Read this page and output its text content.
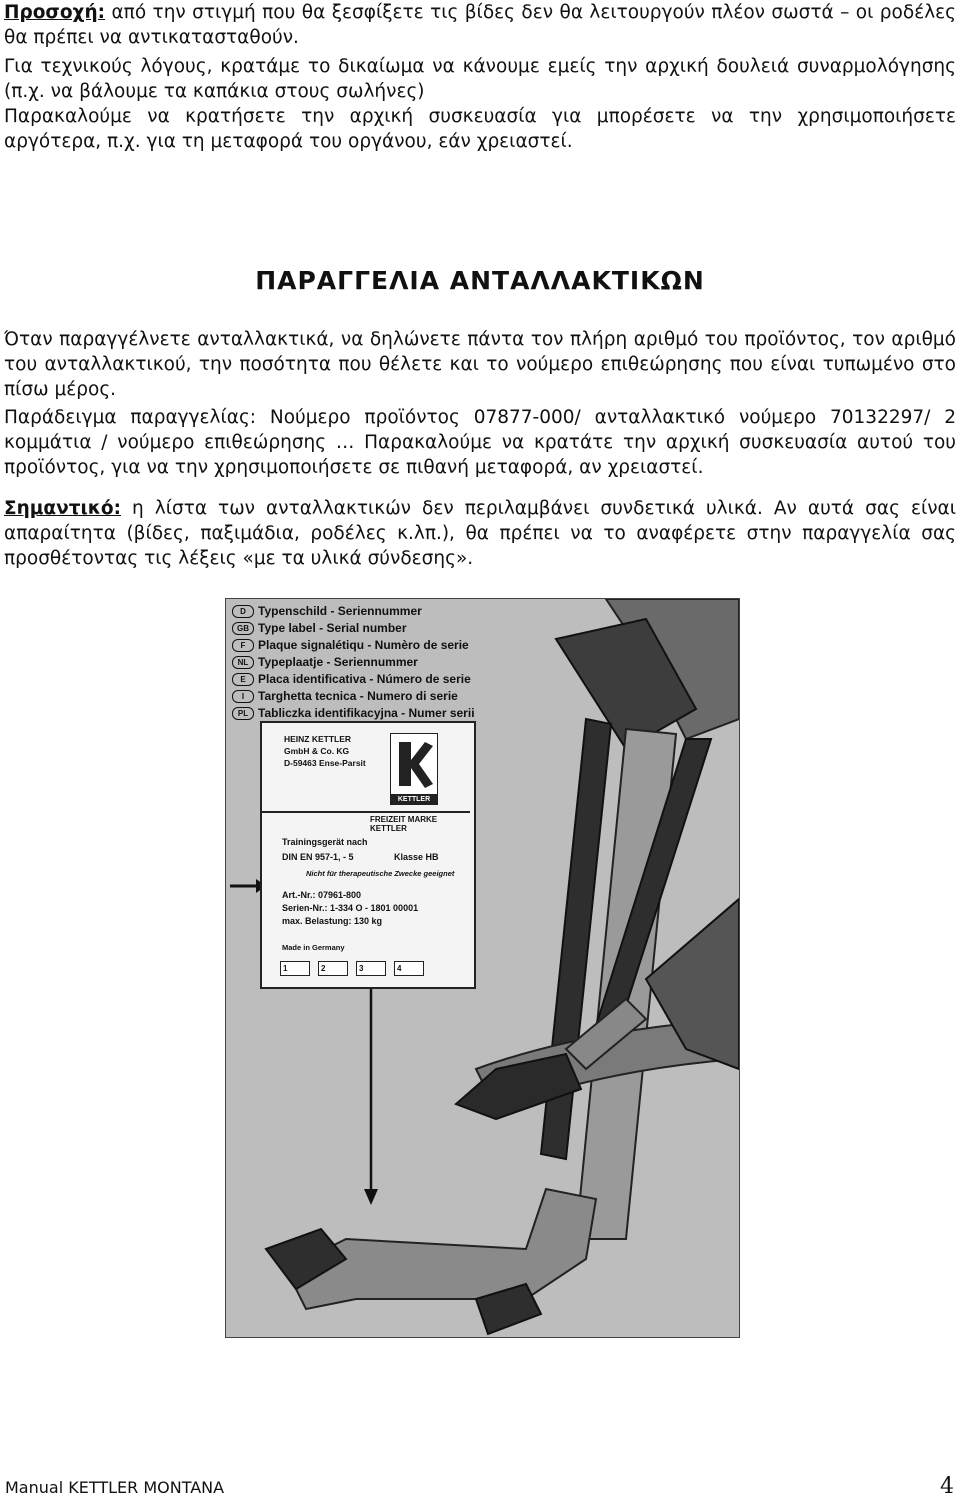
Προσοχή: από την στιγμή που θα ξεσφίξετε τις βίδες δεν θα λειτουργούν πλέον σωστά – οι ροδέλες θα πρέπει να αντικατασταθούν.
Για τεχνικούς λόγους, κρατάμε το δικαίωμα να κάνουμε εμείς την αρχική δουλειά συναρμολόγησης (π.χ. να βάλουμε τα καπάκια στους σωλήνες)
Παρακαλούμε να κρατήσετε την αρχική συσκευασία για μπορέσετε να την χρησιμοποιήσετε αργότερα, π.χ. για τη μεταφορά του οργάνου, εάν χρειαστεί.
ΠΑΡΑΓΓΕΛΙΑ ΑΝΤΑΛΛΑΚΤΙΚΩΝ
Όταν παραγγέλνετε ανταλλακτικά, να δηλώνετε πάντα τον πλήρη αριθμό του προϊόντος, τον αριθμό του ανταλλακτικού, την ποσότητα που θέλετε και το νούμερο επιθεώρησης που είναι τυπωμένο στο πίσω μέρος.
Παράδειγμα παραγγελίας: Νούμερο προϊόντος 07877-000/ ανταλλακτικό νούμερο 70132297/ 2 κομμάτια / νούμερο επιθεώρησης … Παρακαλούμε να κρατάτε την αρχική συσκευασία αυτού του προϊόντος, για να την χρησιμοποιήσετε σε πιθανή μεταφορά, αν χρειαστεί.
Σημαντικό: η λίστα των ανταλλακτικών δεν περιλαμβάνει συνδετικά υλικά. Αν αυτά σας είναι απαραίτητα (βίδες, παξιμάδια, ροδέλες κ.λπ.), θα πρέπει να το αναφέρετε στην παραγγελία σας προσθέτοντας τις λέξεις «με τα υλικά σύνδεσης».
D	Typenschild - Seriennummer
GB Type label - Serial number
F	Plaque signalétiqu - Numèro de serie
NL Typeplaatje - Seriennummer
E	Placa identificativa - Número de serie
I	Targhetta tecnica - Numero di serie
PL Tabliczka identifikacyjna - Numer serii
HEINZ KETTLER
GmbH & Co. KG
D-59463 Ense-Parsit
KETTLER
FREIZEIT MARKE KETTLER
Trainingsgerät nach
DIN EN 957-1, - 5	Klasse HB
Nicht für therapeutische Zwecke geeignet
Art.-Nr.: 07961-800
Serien-Nr.: 1-334 O - 1801 00001
max. Belastung: 130 kg
Made in Germany
1	2	3	4
Manual KETTLER MONTANA	4
